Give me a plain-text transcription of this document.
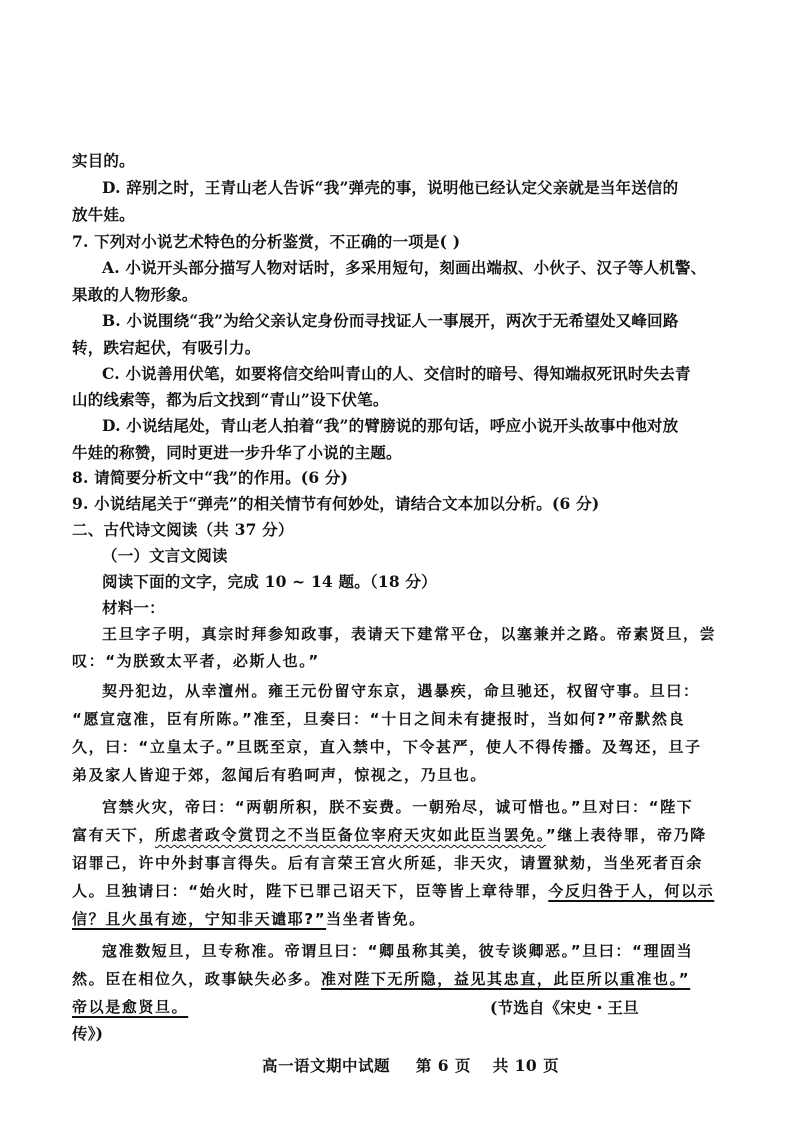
实目的。
D. 辞别之时，王青山老人告诉“我”弹壳的事，说明他已经认定父亲就是当年送信的
放牛娃。
7. 下列对小说艺术特色的分析鉴赏，不正确的一项是( )
A. 小说开头部分描写人物对话时，多采用短句，刻画出端叔、小伙子、汉子等人机警、
果敢的人物形象。
B. 小说围绕“我”为给父亲认定身份而寻找证人一事展开，两次于无希望处又峰回路
转，跌宕起伏，有吸引力。
C. 小说善用伏笔，如要将信交给叫青山的人、交信时的暗号、得知端叔死讯时失去青
山的线索等，都为后文找到“青山”设下伏笔。
D. 小说结尾处，青山老人拍着“我”的臂膀说的那句话，呼应小说开头故事中他对放
牛娃的称赞，同时更进一步升华了小说的主题。
8. 请简要分析文中“我”的作用。(6 分)
9. 小说结尾关于“弹壳”的相关情节有何妙处，请结合文本加以分析。(6 分)
二、古代诗文阅读（共 37 分）
（一）文言文阅读
阅读下面的文字，完成 10 ~ 14 题。（18 分）
材料一：
王旦字子明，真宗时拜参知政事，表请天下建常平仓，以塞兼并之路。帝素贤旦，尝
叹：“为朕致太平者，必斯人也。”
契丹犯边，从幸澶州。雍王元份留守东京，遇暴疾，命旦驰还，权留守事。旦曰：
“愿宣寇准，臣有所陈。”准至，旦奏曰：“十日之间未有捷报时，当如何?”帝默然良
久，曰：“立皇太子。”旦既至京，直入禁中，下令甚严，使人不得传播。及驾还，旦子
弟及家人皆迎于郊，忽闻后有驺呵声，惊视之，乃旦也。
宫禁火灾，帝曰：“两朝所积，朕不妄费。一朝殆尽，诚可惜也。”旦对曰：“陛下
富有天下，所虑者政令赏罚之不当臣备位宰府天灾如此臣当罢免。”继上表待罪，帝乃降
诏罪己，许中外封事言得失。后有言荣王宫火所延，非天灾，请置狱劾，当坐死者百余
人。旦独请曰：“始火时，陛下已罪己诏天下，臣等皆上章待罪，今反归咎于人，何以示
信？且火虽有迹，宁知非天谴耶?”当坐者皆免。
寇准数短旦，旦专称准。帝谓旦曰：“卿虽称其美，彼专谈卿恶。”旦曰：“理固当
然。臣在相位久，政事缺失必多。准对陛下无所隐，益见其忠直，此臣所以重准也。”
帝以是愈贤旦。	(节选自《宋史・王旦
传》)
高一语文期中试题 第 6 页 共 10 页
